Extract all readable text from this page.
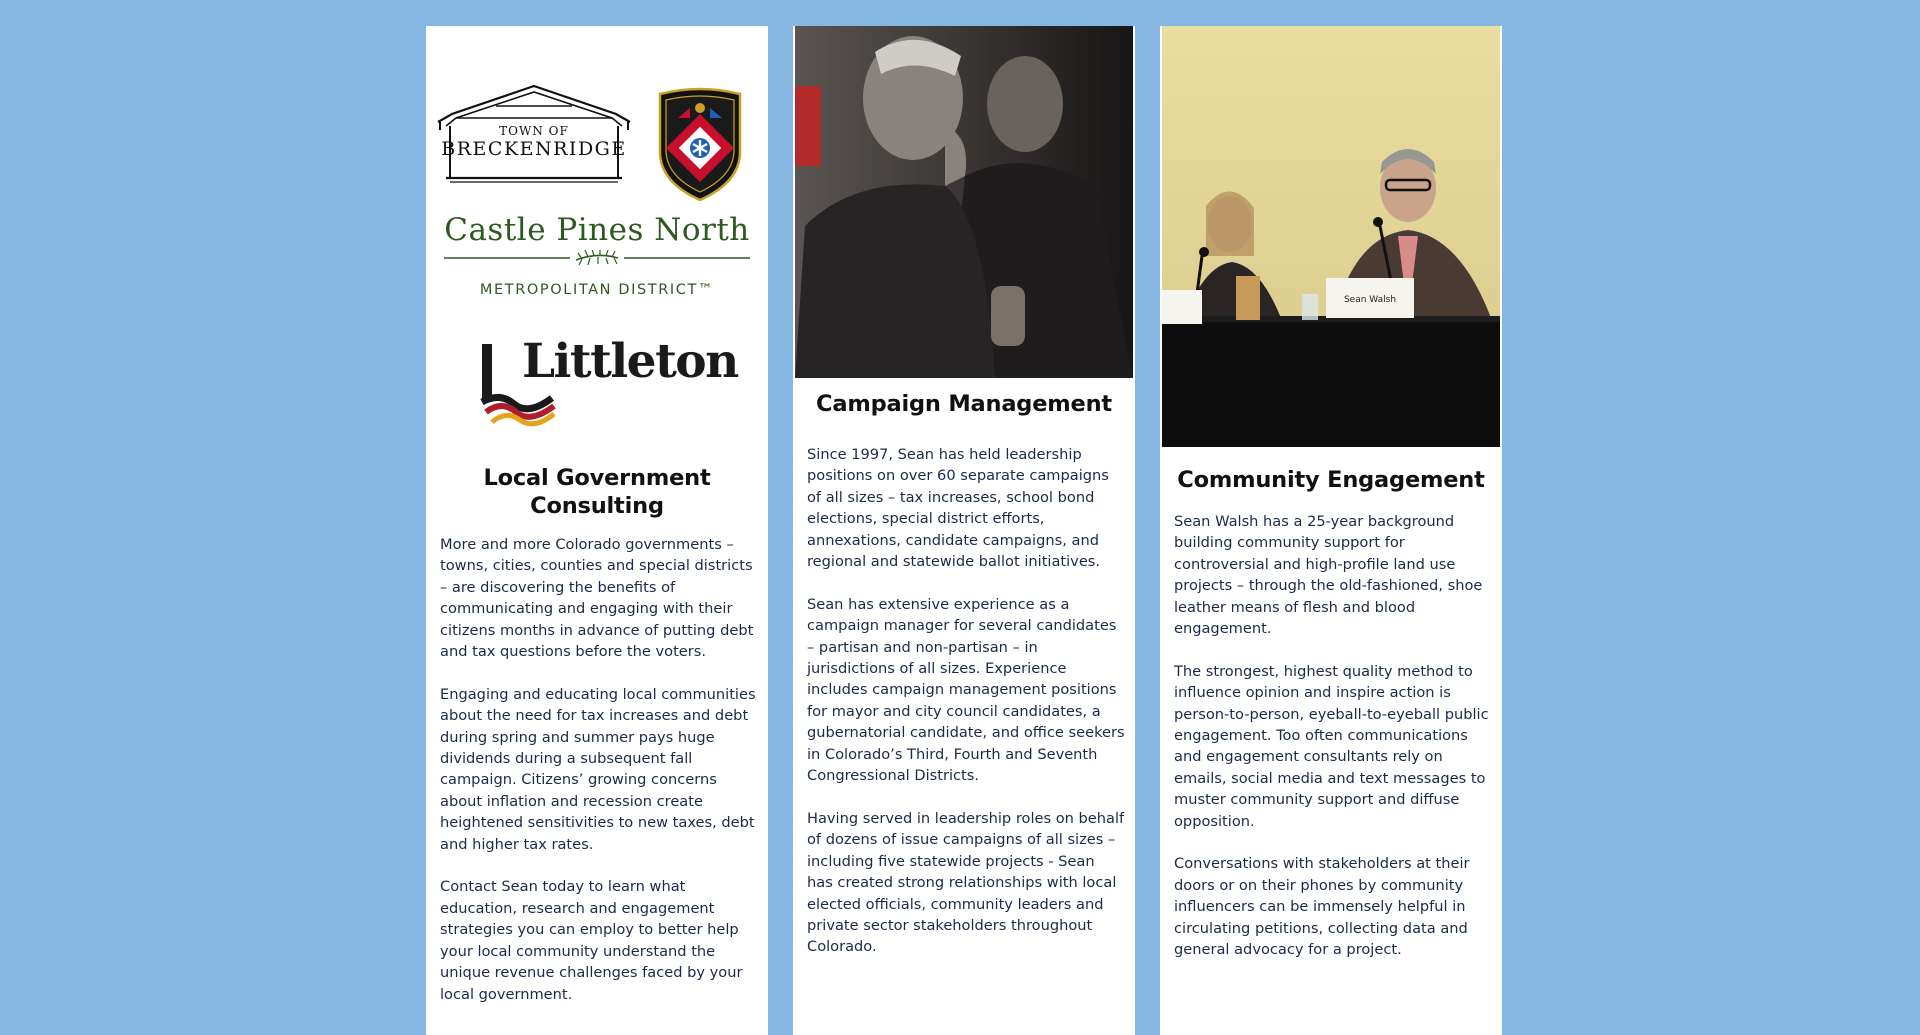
TOWN OF
BRECKENRIDGE
Castle Pines North
METROPOLITAN DISTRICT™
Littleton
Local Government Consulting

More and more Colorado governments – towns, cities, counties and special districts – are discovering the benefits of communicating and engaging with their citizens months in advance of putting debt and tax questions before the voters.

Engaging and educating local communities about the need for tax increases and debt during spring and summer pays huge dividends during a subsequent fall campaign. Citizens’ growing concerns about inflation and recession create heightened sensitivities to new taxes, debt and higher tax rates.

Contact Sean today to learn what education, research and engagement strategies you can employ to better help your local community understand the unique revenue challenges faced by your local government.

Campaign Management

Since 1997, Sean has held leadership positions on over 60 separate campaigns of all sizes – tax increases, school bond elections, special district efforts, annexations, candidate campaigns, and regional and statewide ballot initiatives.

Sean has extensive experience as a campaign manager for several candidates – partisan and non-partisan – in jurisdictions of all sizes. Experience includes campaign management positions for mayor and city council candidates, a gubernatorial candidate, and office seekers in Colorado’s Third, Fourth and Seventh Congressional Districts.

Having served in leadership roles on behalf of dozens of issue campaigns of all sizes – including five statewide projects - Sean has created strong relationships with local elected officials, community leaders and private sector stakeholders throughout Colorado.

Sean Walsh
Community Engagement

Sean Walsh has a 25-year background building community support for controversial and high-profile land use projects – through the old-fashioned, shoe leather means of flesh and blood engagement.

The strongest, highest quality method to influence opinion and inspire action is person-to-person, eyeball-to-eyeball public engagement. Too often communications and engagement consultants rely on emails, social media and text messages to muster community support and diffuse opposition.

Conversations with stakeholders at their doors or on their phones by community influencers can be immensely helpful in circulating petitions, collecting data and general advocacy for a project.
